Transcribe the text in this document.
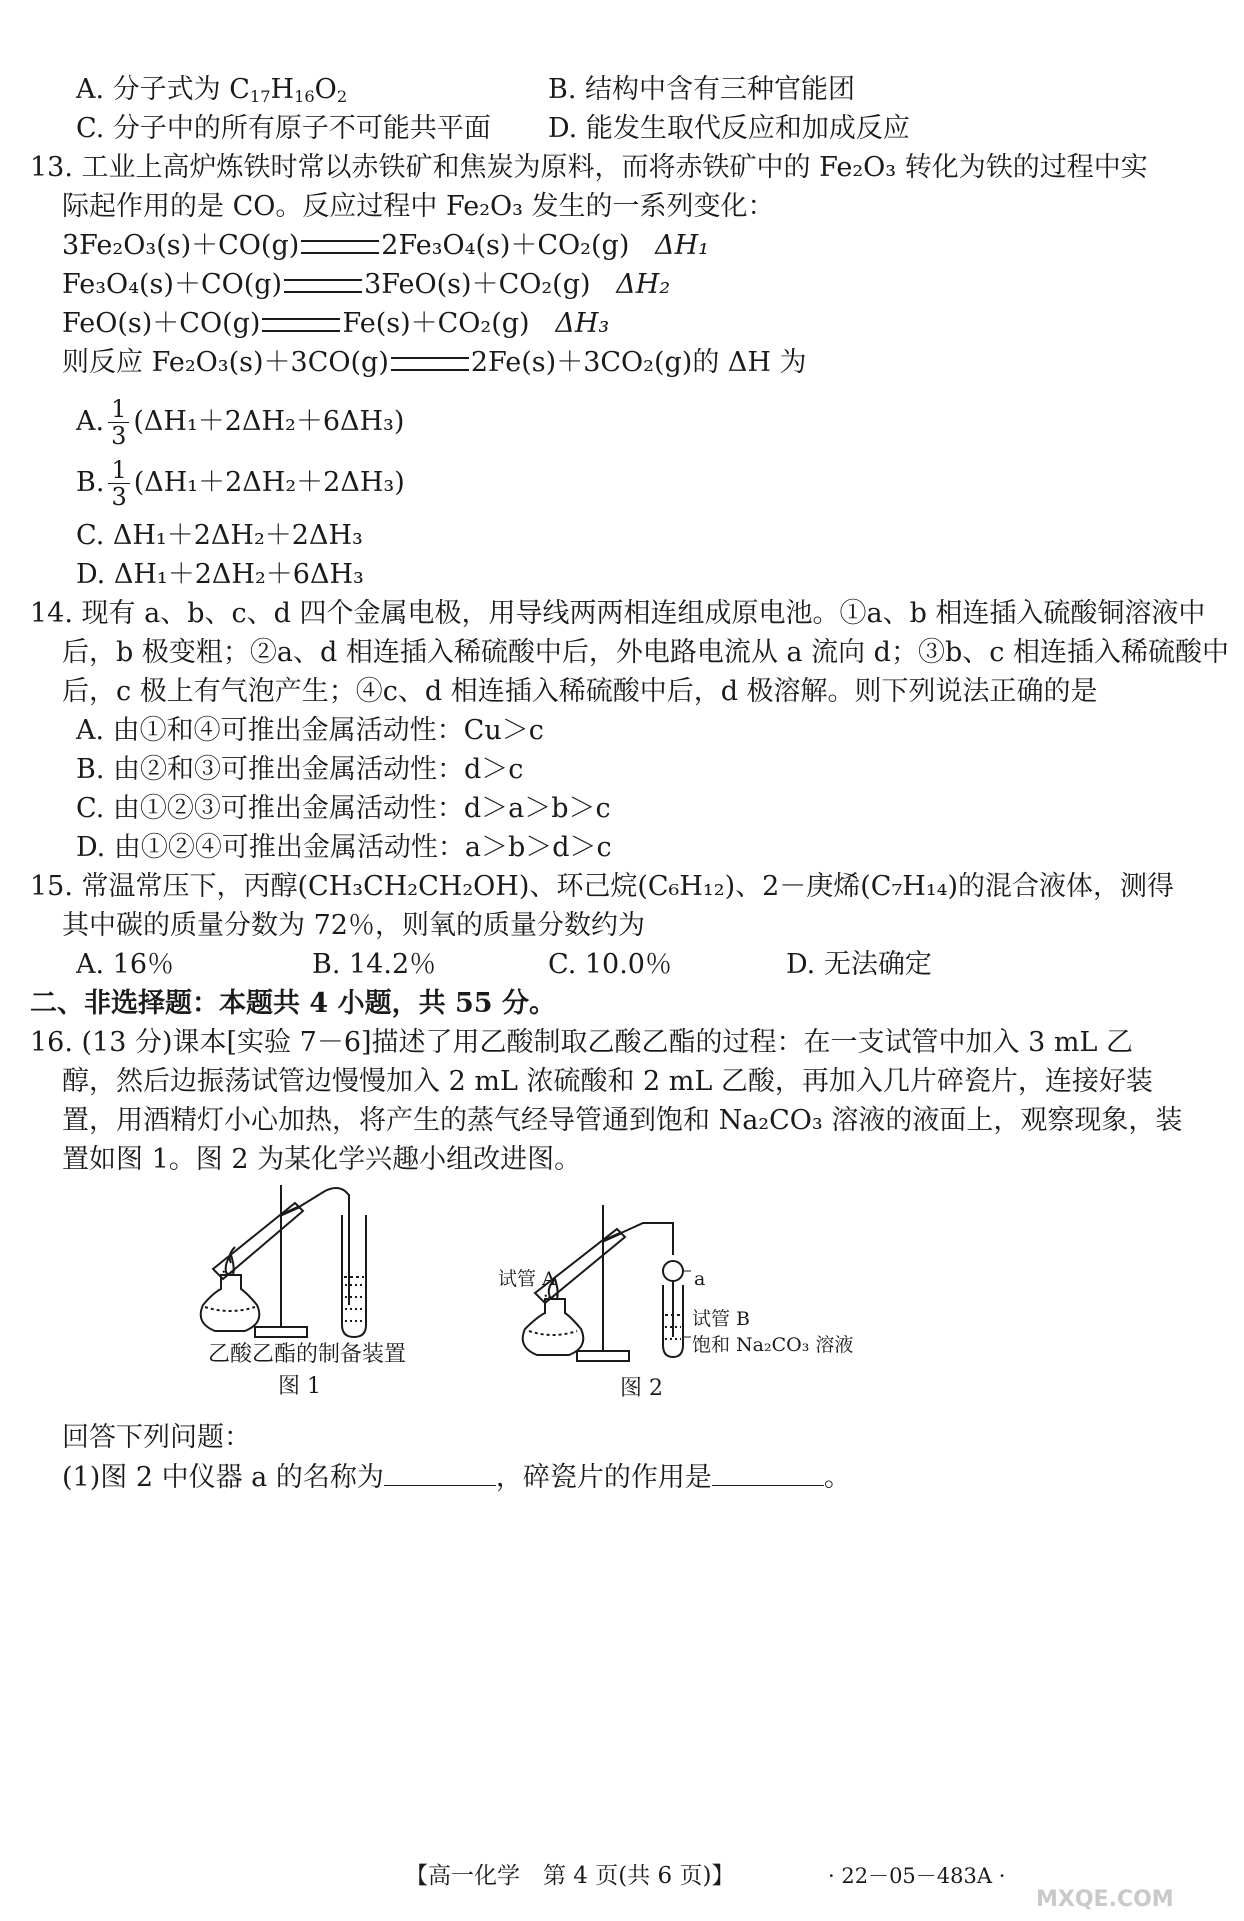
A. 分子式为 $C_{17}H_{16}O_2$	B. 结构中含有三种官能团
C. 分子中的所有原子不可能共平面 D. 能发生取代反应和加成反应
13. 工业上高炉炼铁时常以赤铁矿和焦炭为原料，而将赤铁矿中的 Fe₂O₃ 转化为铁的过程中实
际起作用的是 CO。反应过程中 Fe₂O₃ 发生的一系列变化：
3Fe₂O₃(s)＋CO(g)	2Fe₃O₄(s)＋CO₂(g) ΔH₁
Fe₃O₄(s)＋CO(g)	3FeO(s)＋CO₂(g) ΔH₂
FeO(s)＋CO(g)	Fe(s)＋CO₂(g) ΔH₃
则反应 Fe₂O₃(s)＋3CO(g)	2Fe(s)＋3CO₂(g)的 ΔH 为
A. $\frac{1}{3} (\Delta H_1+2\Delta H_2+6\Delta H_3)$
B. $\frac{1}{3} (\Delta H_1+2\Delta H_2+2\Delta H_3)$
C. ΔH₁＋2ΔH₂＋2ΔH₃
D. ΔH₁＋2ΔH₂＋6ΔH₃
14. 现有 a、b、c、d 四个金属电极，用导线两两相连组成原电池。①a、b 相连插入硫酸铜溶液中
后，b 极变粗；②a、d 相连插入稀硫酸中后，外电路电流从 a 流向 d；③b、c 相连插入稀硫酸中
后，c 极上有气泡产生；④c、d 相连插入稀硫酸中后，d 极溶解。则下列说法正确的是
A. 由①和④可推出金属活动性：Cu＞c
B. 由②和③可推出金属活动性：d＞c
C. 由①②③可推出金属活动性：d＞a＞b＞c
D. 由①②④可推出金属活动性：a＞b＞d＞c
15. 常温常压下，丙醇(CH₃CH₂CH₂OH)、环己烷(C₆H₁₂)、2－庚烯(C₇H₁₄)的混合液体，测得
其中碳的质量分数为 72％，则氧的质量分数约为
A. 16％	B. 14.2％	C. 10.0％	D. 无法确定
二、非选择题：本题共 4 小题，共 55 分。
16. (13 分)课本[实验 7－6]描述了用乙酸制取乙酸乙酯的过程：在一支试管中加入 3 mL 乙
醇，然后边振荡试管边慢慢加入 2 mL 浓硫酸和 2 mL 乙酸，再加入几片碎瓷片，连接好装
置，用酒精灯小心加热，将产生的蒸气经导管通到饱和 Na₂CO₃ 溶液的液面上，观察现象，装
置如图 1。图 2 为某化学兴趣小组改进图。
乙酸乙酯的制备装置
图 1
试管 A	a
试管 B
饱和 Na₂CO₃ 溶液
图 2
回答下列问题：
(1)图 2 中仪器 a 的名称为	，碎瓷片的作用是	。
【高一化学　第 4 页(共 6 页)】	· 22－05－483A ·
MXQE.COM
